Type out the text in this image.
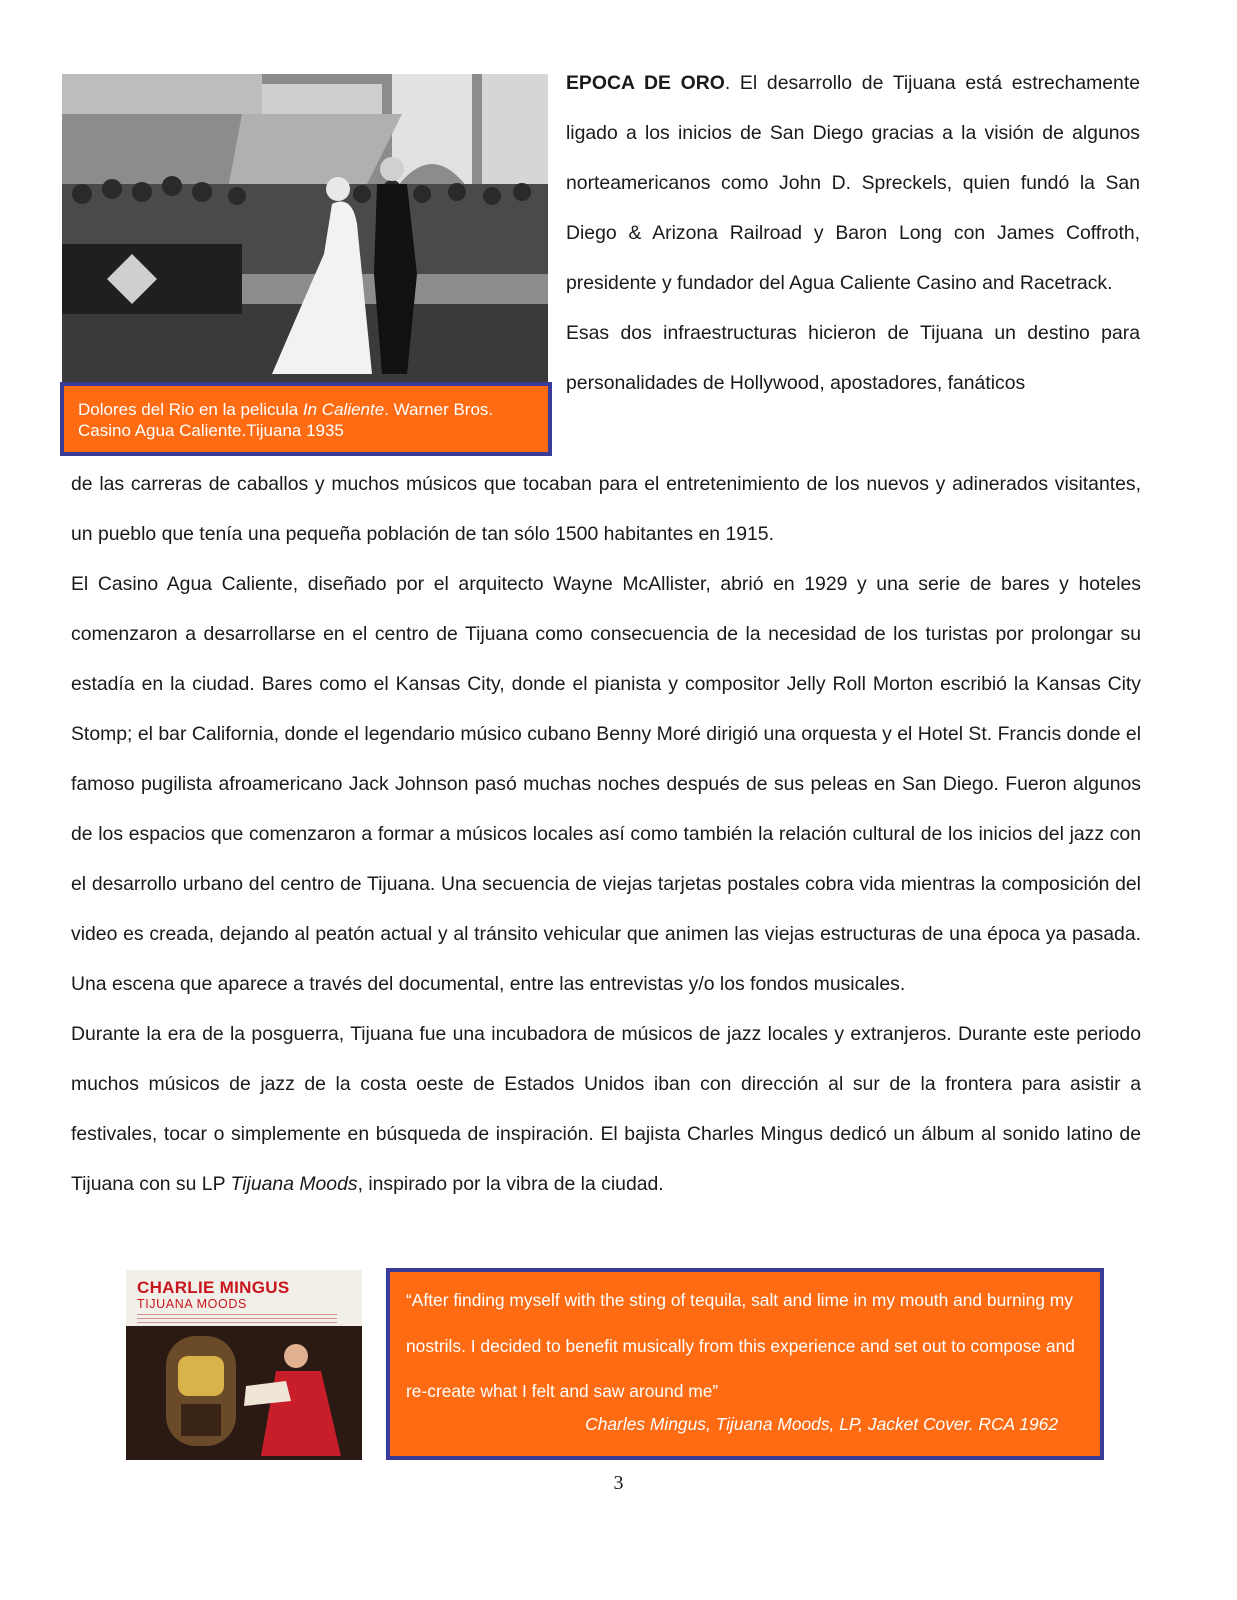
Dolores del Rio en la pelicula In Caliente. Warner Bros. Casino Agua Caliente.Tijuana 1935

EPOCA DE ORO. El desarrollo de Tijuana está estrechamente ligado a los inicios de San Diego gracias a la visión de algunos norteamericanos como John D. Spreckels, quien fundó la San Diego & Arizona Railroad y Baron Long con James Coffroth, presidente y fundador del Agua Caliente Casino and Racetrack.

Esas dos infraestructuras hicieron de Tijuana un destino para personalidades de Hollywood, apostadores, fanáticos

de las carreras de caballos y muchos músicos que tocaban para el entretenimiento de los nuevos y adinerados visitantes, un pueblo que tenía una pequeña población de tan sólo 1500 habitantes en 1915.

El Casino Agua Caliente, diseñado por el arquitecto Wayne McAllister, abrió en 1929 y una serie de bares y hoteles comenzaron a desarrollarse en el centro de Tijuana como consecuencia de la necesidad de los turistas por prolongar su estadía en la ciudad. Bares como el Kansas City, donde el pianista y compositor Jelly Roll Morton escribió la Kansas City Stomp; el bar California, donde el legendario músico cubano Benny Moré dirigió una orquesta y el Hotel St. Francis donde el famoso pugilista afroamericano Jack Johnson pasó muchas noches después de sus peleas en San Diego. Fueron algunos de los espacios que comenzaron a formar a músicos locales así como también la relación cultural de los inicios del jazz con el desarrollo urbano del centro de Tijuana. Una secuencia de viejas tarjetas postales cobra vida mientras la composición del video es creada, dejando al peatón actual y al tránsito vehicular que animen las viejas estructuras de una época ya pasada. Una escena que aparece a través del documental, entre las entrevistas y/o los fondos musicales.

Durante la era de la posguerra, Tijuana fue una incubadora de músicos de jazz locales y extranjeros. Durante este periodo muchos músicos de jazz de la costa oeste de Estados Unidos iban con dirección al sur de la frontera para asistir a festivales, tocar o simplemente en búsqueda de inspiración. El bajista Charles Mingus dedicó un álbum al sonido latino de Tijuana con su LP Tijuana Moods, inspirado por la vibra de la ciudad.

CHARLIE MINGUS
TIJUANA MOODS	“After finding myself with the sting of tequila, salt and lime in my mouth and burning my nostrils. I decided to benefit musically from this experience and set out to compose and re-create what I felt and saw around me”
Charles Mingus, Tijuana Moods, LP, Jacket Cover. RCA 1962
3
